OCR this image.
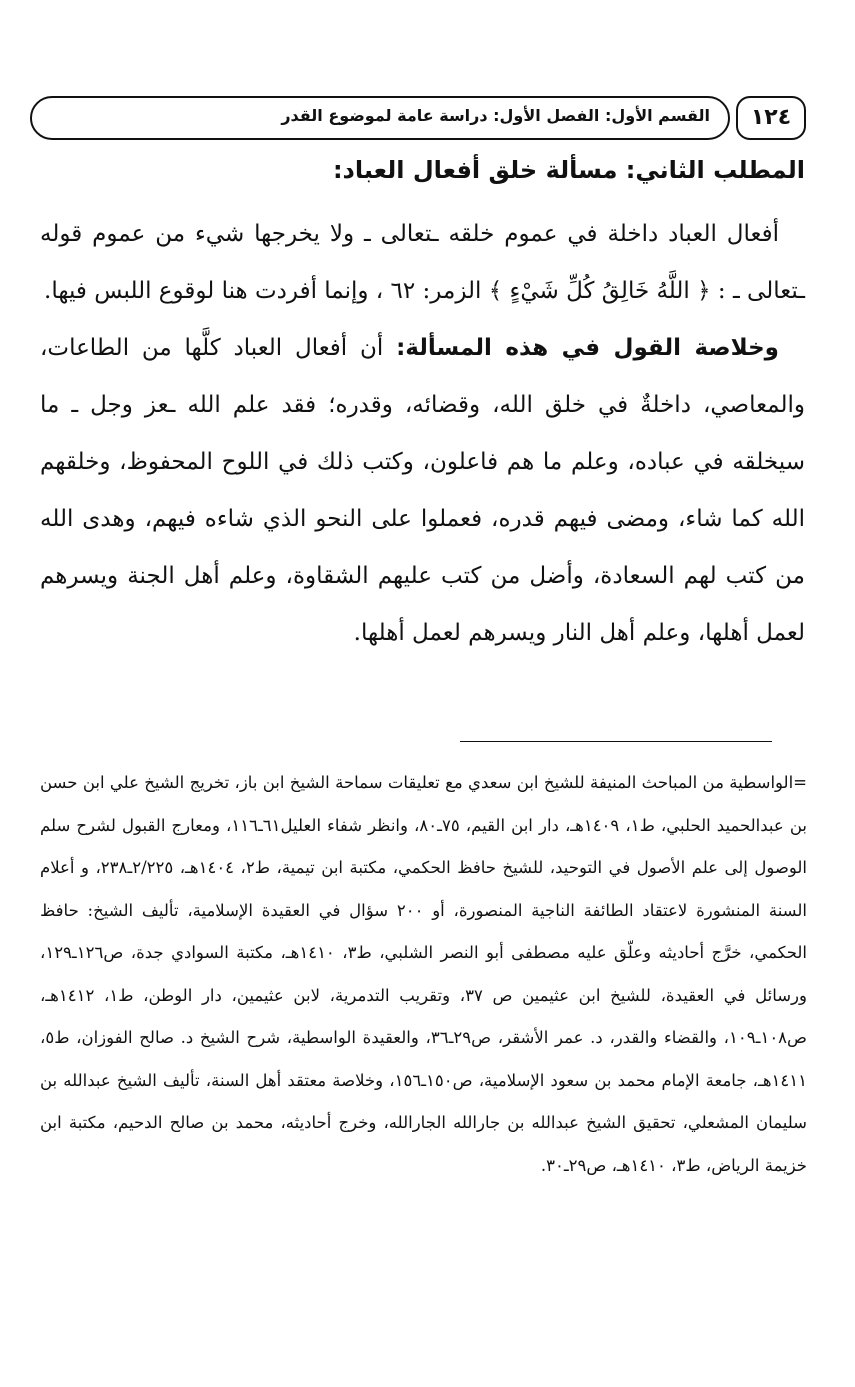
القسم الأول: الفصل الأول: دراسة عامة لموضوع القدر	١٢٤
المطلب الثاني: مسألة خلق أفعال العباد:

أفعال العباد داخلة في عموم خلقه ـتعالى ـ ولا يخرجها شيء من عموم قوله ـتعالى ـ : ﴿ اللَّهُ خَالِقُ كُلِّ شَيْءٍ ﴾ الزمر: ٦٢ ، وإنما أفردت هنا لوقوع اللبس فيها.

وخلاصة القول في هذه المسألة: أن أفعال العباد كلَّها من الطاعات، والمعاصي، داخلةٌ في خلق الله، وقضائه، وقدره؛ فقد علم الله ـعز وجل ـ ما سيخلقه في عباده، وعلم ما هم فاعلون، وكتب ذلك في اللوح المحفوظ، وخلقهم الله كما شاء، ومضى فيهم قدره، فعملوا على النحو الذي شاءه فيهم، وهدى الله من كتب لهم السعادة، وأضل من كتب عليهم الشقاوة، وعلم أهل الجنة ويسرهم لعمل أهلها، وعلم أهل النار ويسرهم لعمل أهلها.

=الواسطية من المباحث المنيفة للشيخ ابن سعدي مع تعليقات سماحة الشيخ ابن باز، تخريج الشيخ علي ابن حسن بن عبدالحميد الحلبي، ط١، ١٤٠٩هـ، دار ابن القيم، ٧٥ـ٨٠، وانظر شفاء العليل٦١ـ١١٦، ومعارج القبول لشرح سلم الوصول إلى علم الأصول في التوحيد، للشيخ حافظ الحكمي، مكتبة ابن تيمية، ط٢، ١٤٠٤هـ، ٢/٢٢٥ـ٢٣٨، و أعلام السنة المنشورة لاعتقاد الطائفة الناجية المنصورة، أو ٢٠٠ سؤال في العقيدة الإسلامية، تأليف الشيخ: حافظ الحكمي، خرَّج أحاديثه وعلّق عليه مصطفى أبو النصر الشلبي، ط٣، ١٤١٠هـ، مكتبة السوادي جدة، ص١٢٦ـ١٢٩، ورسائل في العقيدة، للشيخ ابن عثيمين ص ٣٧، وتقريب التدمرية، لابن عثيمين، دار الوطن، ط١، ١٤١٢هـ، ص١٠٨ـ١٠٩، والقضاء والقدر، د. عمر الأشقر، ص٢٩ـ٣٦، والعقيدة الواسطية، شرح الشيخ د. صالح الفوزان، ط٥، ١٤١١هـ، جامعة الإمام محمد بن سعود الإسلامية، ص١٥٠ـ١٥٦، وخلاصة معتقد أهل السنة، تأليف الشيخ عبدالله بن سليمان المشعلي، تحقيق الشيخ عبدالله بن جارالله الجارالله، وخرج أحاديثه، محمد بن صالح الدحيم، مكتبة ابن خزيمة الرياض، ط٣، ١٤١٠هـ، ص٢٩ـ٣٠.
